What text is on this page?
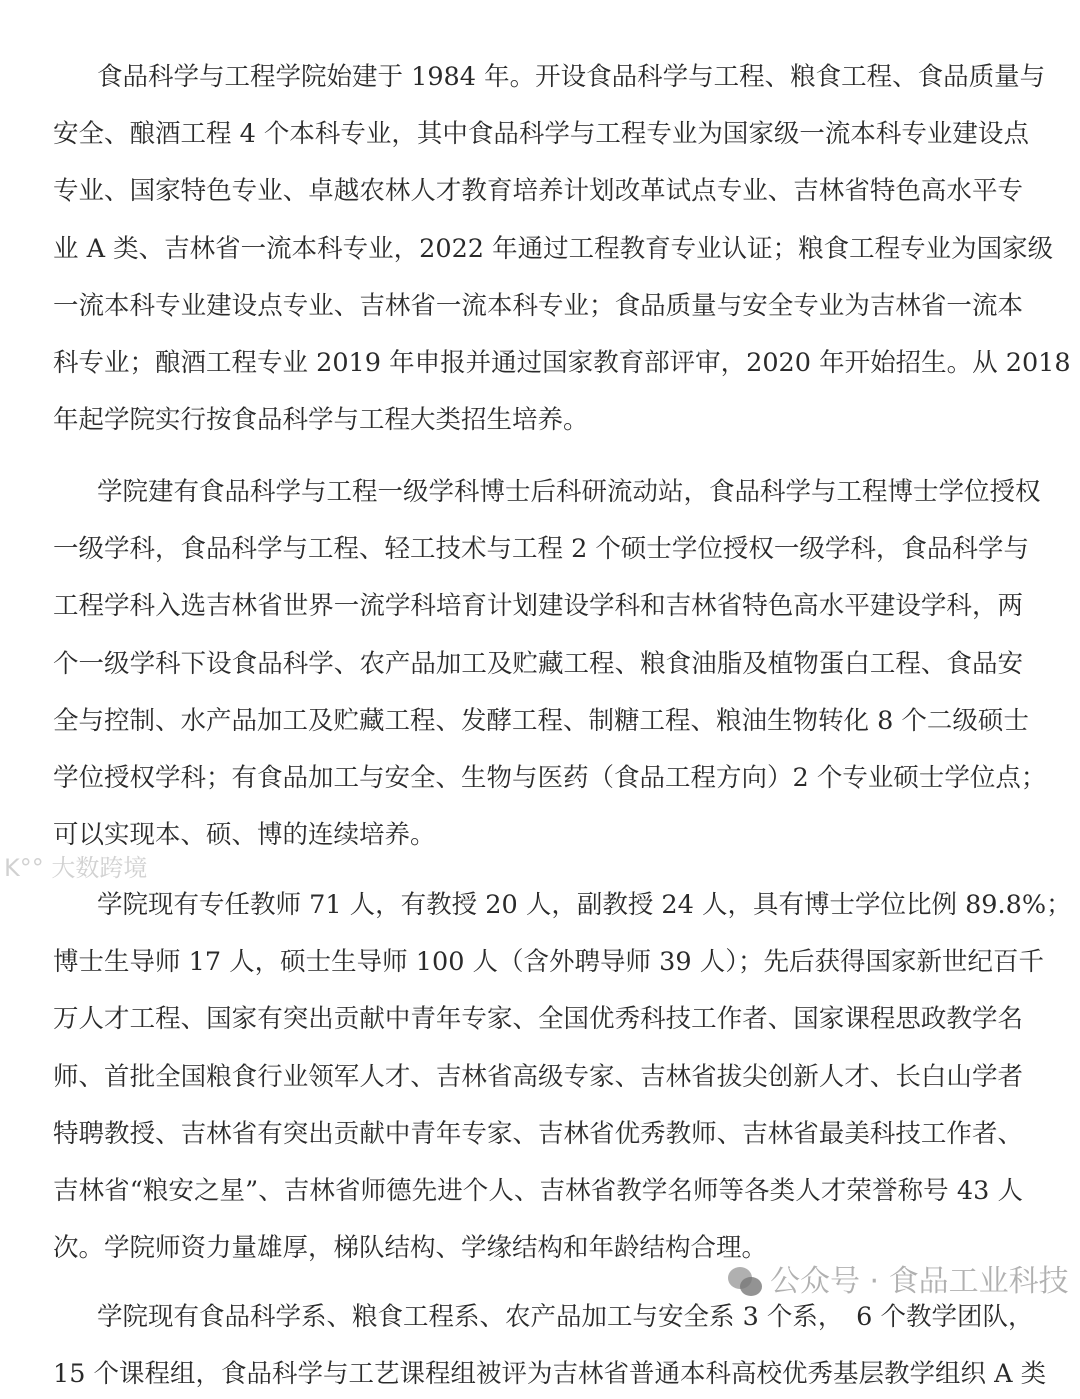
食品科学与工程学院始建于 1984 年。开设食品科学与工程、粮食工程、食品质量与
安全、酿酒工程 4 个本科专业，其中食品科学与工程专业为国家级一流本科专业建设点
专业、国家特色专业、卓越农林人才教育培养计划改革试点专业、吉林省特色高水平专
业 A 类、吉林省一流本科专业，2022 年通过工程教育专业认证；粮食工程专业为国家级
一流本科专业建设点专业、吉林省一流本科专业；食品质量与安全专业为吉林省一流本
科专业；酿酒工程专业 2019 年申报并通过国家教育部评审，2020 年开始招生。从 2018
年起学院实行按食品科学与工程大类招生培养。
学院建有食品科学与工程一级学科博士后科研流动站，食品科学与工程博士学位授权
一级学科，食品科学与工程、轻工技术与工程 2 个硕士学位授权一级学科，食品科学与
工程学科入选吉林省世界一流学科培育计划建设学科和吉林省特色高水平建设学科，两
个一级学科下设食品科学、农产品加工及贮藏工程、粮食油脂及植物蛋白工程、食品安
全与控制、水产品加工及贮藏工程、发酵工程、制糖工程、粮油生物转化 8 个二级硕士
学位授权学科；有食品加工与安全、生物与医药（食品工程方向）2 个专业硕士学位点；
可以实现本、硕、博的连续培养。
学院现有专任教师 71 人，有教授 20 人，副教授 24 人，具有博士学位比例 89.8%；
博士生导师 17 人，硕士生导师 100 人（含外聘导师 39 人）；先后获得国家新世纪百千
万人才工程、国家有突出贡献中青年专家、全国优秀科技工作者、国家课程思政教学名
师、首批全国粮食行业领军人才、吉林省高级专家、吉林省拔尖创新人才、长白山学者
特聘教授、吉林省有突出贡献中青年专家、吉林省优秀教师、吉林省最美科技工作者、
吉林省“粮安之星”、吉林省师德先进个人、吉林省教学名师等各类人才荣誉称号 43 人
次。学院师资力量雄厚，梯队结构、学缘结构和年龄结构合理。
学院现有食品科学系、粮食工程系、农产品加工与安全系 3 个系，　6 个教学团队，
15 个课程组，食品科学与工艺课程组被评为吉林省普通本科高校优秀基层教学组织 A 类
公众号 · 食品工业科技
K°° 大数跨境
